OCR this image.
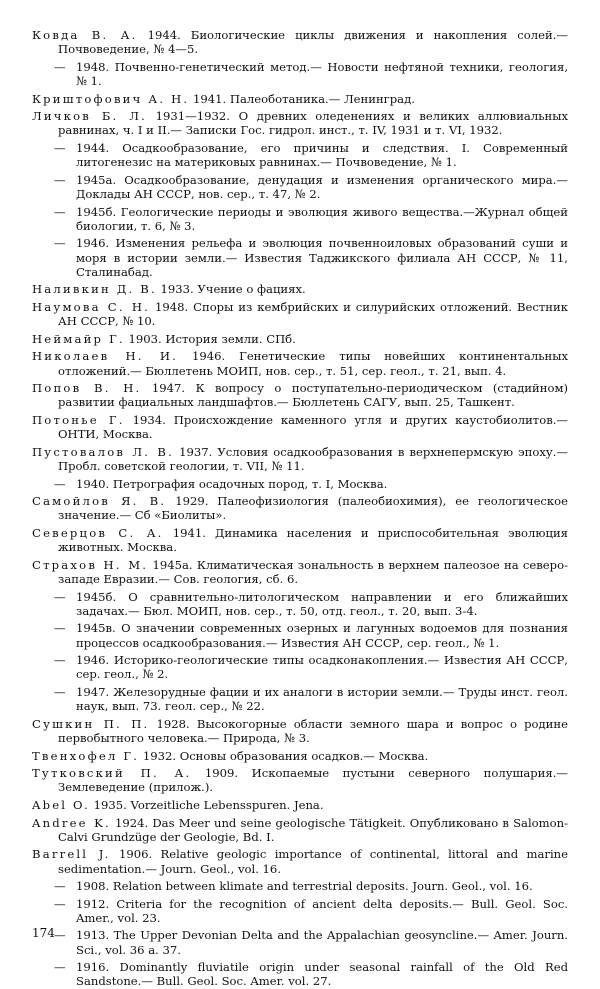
Ковда В. А. 1944. Биологические циклы движения и накопления солей.— Почвоведение, № 4—5.
— 1948. Почвенно-генетический метод.— Новости нефтяной техники, геология, № 1.
Криштофович А. Н. 1941. Палеоботаника.— Ленинград.
Личков Б. Л. 1931—1932. О древних оледенениях и великих аллювиальных равнинах, ч. I и II.— Записки Гос. гидрол. инст., т. IV, 1931 и т. VI, 1932.
— 1944. Осадкообразование, его причины и следствия. I. Современный литогенезис на материковых равнинах.— Почвоведение, № 1.
— 1945а. Осадкообразование, денудация и изменения органического мира.— Доклады АН СССР, нов. сер., т. 47, № 2.
— 1945б. Геологические периоды и эволюция живого вещества.—Журнал общей биологии, т. 6, № 3.
— 1946. Изменения рельефа и эволюция почвенноиловых образований суши и моря в истории земли.— Известия Таджикского филиала АН СССР, № 11, Сталинабад.
Наливкин Д. В. 1933. Учение о фациях.
Наумова С. Н. 1948. Споры из кембрийских и силурийских отложений. Вестник АН СССР, № 10.
Неймайр Г. 1903. История земли. СПб.
Николаев Н. И. 1946. Генетические типы новейших континентальных отложений.— Бюллетень МОИП, нов. сер., т. 51, сер. геол., т. 21, вып. 4.
Попов В. Н. 1947. К вопросу о поступательно-периодическом (стадийном) развитии фациальных ландшафтов.— Бюллетень САГУ, вып. 25, Ташкент.
Потонье Г. 1934. Происхождение каменного угля и других каустобиолитов.— ОНТИ, Москва.
Пустовалов Л. В. 1937. Условия осадкообразования в верхнепермскую эпоху.— Пробл. советской геологии, т. VII, № 11.
— 1940. Петрография осадочных пород, т. I, Москва.
Самойлов Я. В. 1929. Палеофизиология (палеобиохимия), ее геологическое значение.— Сб «Биолиты».
Северцов С. А. 1941. Динамика населения и приспособительная эволюция животных. Москва.
Страхов Н. М. 1945а. Климатическая зональность в верхнем палеозое на северо-западе Евразии.— Сов. геология, сб. 6.
— 1945б. О сравнительно-литологическом направлении и его ближайших задачах.— Бюл. МОИП, нов. сер., т. 50, отд. геол., т. 20, вып. 3-4.
— 1945в. О значении современных озерных и лагунных водоемов для познания процессов осадкообразования.— Известия АН СССР, сер. геол., № 1.
— 1946. Историко-геологические типы осадконакопления.— Известия АН СССР, сер. геол., № 2.
— 1947. Железорудные фации и их аналоги в истории земли.— Труды инст. геол. наук, вып. 73. геол. сер., № 22.
Сушкин П. П. 1928. Высокогорные области земного шара и вопрос о родине первобытного человека.— Природа, № 3.
Твенхофел Г. 1932. Основы образования осадков.— Москва.
Тутковский П. А. 1909. Ископаемые пустыни северного полушария.— Землеведение (прилож.).
Abel O. 1935. Vorzeitliche Lebensspuren. Jena.
Andree K. 1924. Das Meer und seine geologische Tätigkeit. Опубликовано в Salomon-Calvi Grundzüge der Geologie, Bd. I.
Barrell J. 1906. Relative geologic importance of continental, littoral and marine sedimentation.— Journ. Geol., vol. 16.
— 1908. Relation between klimate and terrestrial deposits. Journ. Geol., vol. 16.
— 1912. Criteria for the recognition of ancient delta deposits.— Bull. Geol. Soc. Amer., vol. 23.
— 1913. The Upper Devonian Delta and the Appalachian geosyncline.— Amer. Journ. Sci., vol. 36 a. 37.
— 1916. Dominantly fluviatile origin under seasonal rainfall of the Old Red Sandstone.— Bull. Geol. Soc. Amer. vol. 27.
174
